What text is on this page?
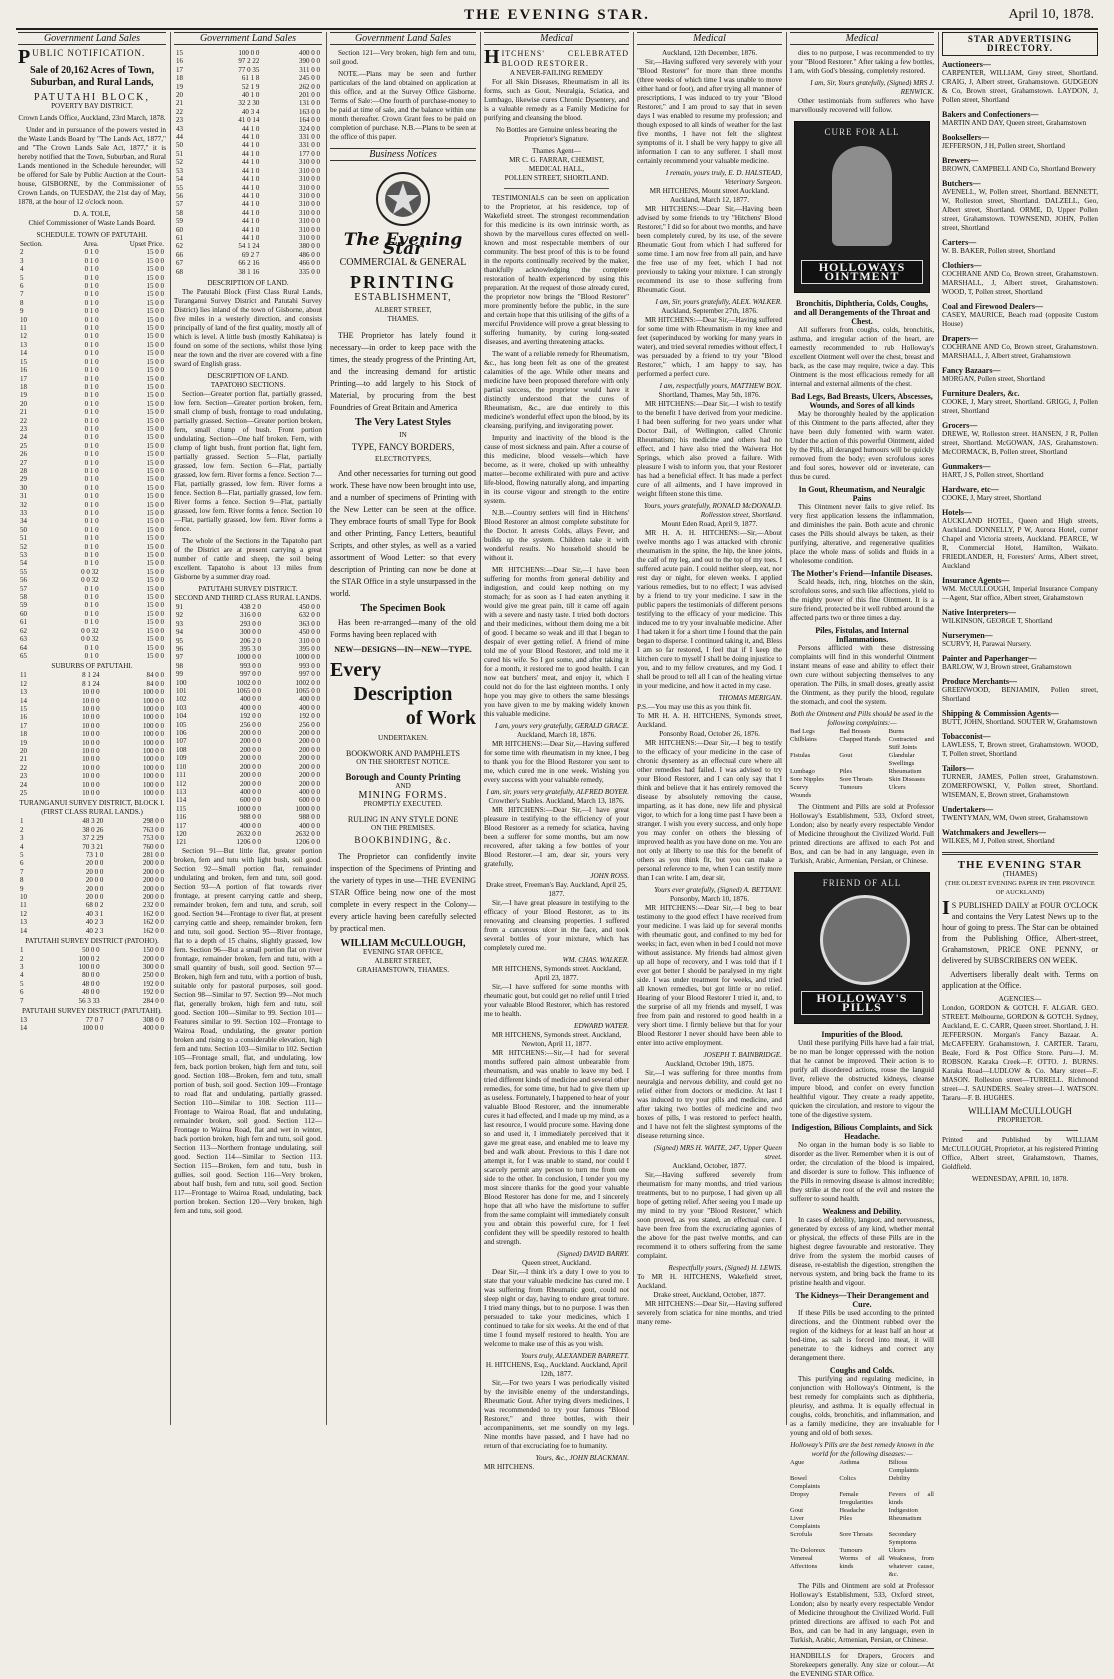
THE EVENING STAR.	April 10, 1878.
Government Land Sales
P UBLIC NOTIFICATION.
Sale of 20,162 Acres of Town, Suburban, and Rural Lands,
PATUTAHI BLOCK,
POVERTY BAY DISTRICT.

Crown Lands Office, Auckland, 23rd March, 1878.

Under and in pursuance of the powers vested in the Waste Lands Board by "The Lands Act, 1877," and "The Crown Lands Sale Act, 1877," it is hereby notified that the Town, Suburban, and Rural Lands mentioned in the Schedule hereunder, will be offered for Sale by Public Auction at the Court-house, GISBORNE, by the Commissioner of Crown Lands, on TUESDAY, the 21st day of May, 1878, at the hour of 12 o'clock noon.

D. A. TOLE,
Chief Commissioner of Waste Lands Board.
SCHEDULE. TOWN OF PATUTAHI.
Section.	Area.	Upset Price.
2	0 1 0	15 0 0
3	0 1 0	15 0 0
4	0 1 0	15 0 0
5	0 1 0	15 0 0
6	0 1 0	15 0 0
7	0 1 0	15 0 0
8	0 1 0	15 0 0
9	0 1 0	15 0 0
10	0 1 0	15 0 0
11	0 1 0	15 0 0
12	0 1 0	15 0 0
13	0 1 0	15 0 0
14	0 1 0	15 0 0
15	0 1 0	15 0 0
16	0 1 0	15 0 0
17	0 1 0	15 0 0
18	0 1 0	15 0 0
19	0 1 0	15 0 0
20	0 1 0	15 0 0
21	0 1 0	15 0 0
22	0 1 0	15 0 0
23	0 1 0	15 0 0
24	0 1 0	15 0 0
25	0 1 0	15 0 0
26	0 1 0	15 0 0
27	0 1 0	15 0 0
28	0 1 0	15 0 0
29	0 1 0	15 0 0
30	0 1 0	15 0 0
31	0 1 0	15 0 0
32	0 1 0	15 0 0
33	0 1 0	15 0 0
34	0 1 0	15 0 0
50	0 1 0	15 0 0
51	0 1 0	15 0 0
52	0 1 0	15 0 0
53	0 1 0	15 0 0
54	0 1 0	15 0 0
55	0 0 32	15 0 0
56	0 0 32	15 0 0
57	0 1 0	15 0 0
58	0 1 0	15 0 0
59	0 1 0	15 0 0
60	0 1 0	15 0 0
61	0 1 0	15 0 0
62	0 0 32	15 0 0
63	0 0 32	15 0 0
64	0 1 0	15 0 0
65	0 1 0	15 0 0
SUBURBS OF PATUTAHI.
11	8 1 24	84 0 0
12	8 1 24	84 0 0
13	10 0 0	100 0 0
14	10 0 0	100 0 0
15	10 0 0	100 0 0
16	10 0 0	100 0 0
17	10 0 0	100 0 0
18	10 0 0	100 0 0
19	10 0 0	100 0 0
20	10 0 0	100 0 0
21	10 0 0	100 0 0
22	10 0 0	100 0 0
23	10 0 0	100 0 0
24	10 0 0	100 0 0
25	10 0 0	100 0 0
TURANGANUI SURVEY DISTRICT, BLOCK I.
(FIRST CLASS RURAL LANDS.)
1	48 3 20	298 0 0
2	38 0 26	763 0 0
3	37 2 29	753 0 0
4	70 3 21	760 0 0
5	73 1 0	281 0 0
6	20 0 0	200 0 0
7	20 0 0	200 0 0
8	20 0 0	200 0 0
9	20 0 0	200 0 0
10	20 0 0	200 0 0
11	68 0 2	232 0 0
12	40 3 1	162 0 0
13	40 2 3	162 0 0
14	40 2 3	162 0 0
PATUTAHI SURVEY DISTRICT (PATOHO).
1	50 0 0	150 0 0
2	100 0 2	200 0 0
3	100 0 0	300 0 0
4	80 0 0	250 0 0
5	48 0 0	192 0 0
6	48 0 0	192 0 0
7	56 3 33	284 0 0
PATUTAHI SURVEY DISTRICT (PATUTAHI).
13	77 0 7	308 0 0
14	100 0 0	400 0 0
Government Land Sales
15	100 0 0	400 0 0
16	97 2 22	390 0 0
17	77 0 35	311 0 0
18	61 1 8	245 0 0
19	52 1 9	262 0 0
20	40 1 0	201 0 0
21	32 2 30	131 0 0
22	40 3 4	163 0 0
23	41 0 14	164 0 0
43	44 1 0	324 0 0
44	44 1 0	331 0 0
50	44 1 0	331 0 0
51	44 1 0	177 0 0
52	44 1 0	310 0 0
53	44 1 0	310 0 0
54	44 1 0	310 0 0
55	44 1 0	310 0 0
56	44 1 0	310 0 0
57	44 1 0	310 0 0
58	44 1 0	310 0 0
59	44 1 0	310 0 0
60	44 1 0	310 0 0
61	44 1 0	310 0 0
62	54 1 24	380 0 0
66	69 2 7	486 0 0
67	66 2 16	466 0 0
68	38 1 16	335 0 0
DESCRIPTION OF LAND.

The Patutahi Block (First Class Rural Lands, Turanganui Survey District and Patutahi Survey District) lies inland of the town of Gisborne, about five miles in a westerly direction, and consists principally of land of the first quality, mostly all of which is level. A little bush (mostly Kahikatea) is found on some of the sections, whilst those lying near the town and the river are covered with a fine sward of English grass.

DESCRIPTION OF LAND.
TAPATOHO SECTIONS.

Section—Greater portion flat, partially grassed, low fern. Section—Greater portion broken, fern, small clump of bush, frontage to road undulating, partially grassed. Section—Greater portion broken, fern, small clump of bush. Front portion undulating. Section—One half broken. Fern, with clump of light bush, front portion flat, light fern, partially grassed. Section 5—Flat, partially grassed, low fern. Section 6—Flat, partially grassed, low fern. River forms a fence. Section 7—Flat, partially grassed, low fern. River forms a fence. Section 8—Flat, partially grassed, low fern. River forms a fence. Section 9—Flat, partially grassed, low fern. River forms a fence. Section 10—Flat, partially grassed, low fern. River forms a fence.

The whole of the Sections in the Tapatoho part of the District are at present carrying a great number of cattle and sheep, the soil being excellent. Tapatoho is about 13 miles from Gisborne by a summer dray road.

PATUTAHI SURVEY DISTRICT.
SECOND AND THIRD CLASS RURAL LANDS.
91	438 2 0	450 0 0
92	316 0 0	632 0 0
93	293 0 0	363 0 0
94	300 0 0	450 0 0
95	206 2 0	310 0 0
96	395 3 0	395 0 0
97	1000 0 0	1000 0 0
98	993 0 0	993 0 0
99	997 0 0	997 0 0
100	1002 0 0	1002 0 0
101	1065 0 0	1065 0 0
102	400 0 0	400 0 0
103	400 0 0	400 0 0
104	192 0 0	192 0 0
105	256 0 0	256 0 0
106	200 0 0	200 0 0
107	200 0 0	200 0 0
108	200 0 0	200 0 0
109	200 0 0	200 0 0
110	200 0 0	200 0 0
111	200 0 0	200 0 0
112	200 0 0	200 0 0
113	400 0 0	400 0 0
114	600 0 0	600 0 0
115	1000 0 0	1000 0 0
116	988 0 0	988 0 0
117	400 0 0	400 0 0
120	2632 0 0	2632 0 0
121	1206 0 0	1206 0 0

Section 91—But little flat, greater portion broken, fern and tutu with light bush, soil good. Section 92—Small portion flat, remainder undulating and broken, fern and tutu, soil good. Section 93—A portion of flat towards river frontage, at present carrying cattle and sheep, remainder broken, fern and tutu, and scrub, soil good. Section 94—Frontage to river flat, at present carrying cattle and sheep, remainder broken, fern and tutu, soil good. Section 95—River frontage, flat to a depth of 15 chains, slightly grassed, low fern. Section 96—But a small portion flat on river frontage, remainder broken, fern and tutu, with a small quantity of bush, soil good. Section 97—Broken, high fern and tutu, with a portion of bush, suitable only for pastoral purposes, soil good. Section 98—Similar to 97. Section 99—Not much flat, generally broken, high fern and tutu, soil good. Section 100—Similar to 99. Section 101—Features similar to 99. Section 102—Frontage to Wairoa Road, undulating, the greater portion broken and rising to a considerable elevation, high fern and tutu. Section 103—Similar to 102. Section 105—Frontage small, flat, and undulating, low fern, back portion broken, high fern and tutu, soil good. Section 108—Broken, fern and tutu, small portion of bush, soil good. Section 109—Frontage to road flat and undulating, partially grassed. Section 110—Similar to 108. Section 111—Frontage to Wairoa Road, flat and undulating, remainder broken, soil good. Section 112—Frontage to Wairoa Road, flat and wet in winter, back portion broken, high fern and tutu, soil good. Section 113—Northern frontage undulating, soil good. Section 114—Similar to Section 113. Section 115—Broken, fern and tutu, bush in gullies, soil good. Section 116—Very broken, about half bush, fern and tutu, soil good. Section 117—Frontage to Wairoa Road, undulating, back portion broken. Section 120—Very broken, high fern and tutu, soil good.

Government Land Sales

Section 121—Very broken, high fern and tutu, soil good.

NOTE.—Plans may be seen and further particulars of the land obtained on application at this office, and at the Survey Office Gisborne. Terms of Sale:—One fourth of purchase-money to be paid at time of sale, and the balance within one month thereafter. Crown Grant fees to be paid on completion of purchase. N.B.—Plans to be seen at the office of this paper.

Business Notices
The Evening Star
COMMERCIAL & GENERAL
PRINTING
ESTABLISHMENT,
ALBERT STREET,
THAMES.

THE Proprietor has lately found it necessary—in order to keep pace with the times, the steady progress of the Printing Art, and the increasing demand for artistic Printing—to add largely to his Stock of Material, by procuring from the best Foundries of Great Britain and America

The Very Latest Styles
IN
TYPE, FANCY BORDERS,
ELECTROTYPES,

And other necessaries for turning out good work. These have now been brought into use, and a number of specimens of Printing with the New Letter can be seen at the office. They embrace fourts of small Type for Book and other Printing, Fancy Letters, beautiful Scripts, and other styles, as well as a varied assortment of Wood Letter: so that every description of Printing can now be done at the STAR Office in a style unsurpassed in the world.

The Specimen Book

Has been re-arranged—many of the old Forms having been replaced with

NEW—DESIGNS—IN—NEW—TYPE.
Every
Description
of Work
UNDERTAKEN.
BOOKWORK AND PAMPHLETS
ON THE SHORTEST NOTICE.
Borough and County Printing
AND
MINING FORMS.
PROMPTLY EXECUTED.
RULING IN ANY STYLE DONE
ON THE PREMISES.
BOOKBINDING, &c.

The Proprietor can confidently invite inspection of the Specimens of Printing and the variety of types in use—THE EVENING STAR Office being now one of the most complete in every respect in the Colony—every article having been carefully selected by practical men.

WILLIAM McCULLOUGH,
EVENING STAR OFFICE,
ALBERT STREET,
GRAHAMSTOWN, THAMES.
Medical
H ITCHENS' CELEBRATED BLOOD RESTORER.
A NEVER-FAILING REMEDY

For all Skin Diseases, Rheumatism in all its forms, such as Gout, Neuralgia, Sciatica, and Lumbago, likewise cures Chronic Dysentery, and is a valuable remedy as a Family Medicine for purifying and cleansing the blood.

No Bottles are Genuine unless bearing the Proprietor's Signature.

Thames Agent—
MR C. G. FARRAR, CHEMIST,
MEDICAL HALL,
POLLEN STREET, SHORTLAND.

TESTIMONIALS can be seen on application to the Proprietor, at his residence, top of Wakefield street. The strongest recommendation for this medicine is its own intrinsic worth, as shown by the marvellous cures effected on well-known and most respectable members of our community. The best proof of this is to be found in the reports continually received by the maker, thankfully acknowledging the complete restoration of health experienced by using this preparation. At the request of those already cured, the proprietor now brings the "Blood Restorer" more prominently before the public, in the sure and certain hope that this utilising of the gifts of a merciful Providence will prove a great blessing to suffering humanity, by curing long-seated diseases, and averting threatening attacks.

The want of a reliable remedy for Rheumatism, &c., has long been felt as one of the greatest calamities of the age. While other means and medicine have been proposed therefore with only partial success, the proprietor would have it distinctly understood that the cures of Rheumatism, &c., are due entirely to this medicine's wonderful effect upon the blood, by its cleansing, purifying, and invigorating power.

Impurity and inactivity of the blood is the cause of most sickness and pain. After a course of this medicine, blood vessels—which have become, as it were, choked up with unhealthy matter—become exhilirated with pure and active life-blood, flowing naturally along, and imparting in its course vigour and strength to the entire system.

N.B.—Country settlers will find in Hitchens' Blood Restorer an almost complete substitute for the Doctor. It arrests Colds, allays Fever, and builds up the system. Children take it with wonderful results. No household should be without it.

MR HITCHENS:—Dear Sir,—I have been suffering for months from general debility and indigestion, and could keep nothing on my stomach; for as soon as I had eaten anything it would give me great pain, till it came off again with a severe and nasty taste. I tried both doctors and their medicines, without them doing me a bit of good. I became so weak and ill that I began to despair of ever getting relief. A friend of mine told me of your Blood Restorer, and told me it cured his wife. So I got some, and after taking it for a month, it restored me to good health. I can now eat butchers' meat, and enjoy it, which I could not do for the last eighteen months. I only hope you may give to others the same blessings you have given to me by making widely known this valuable medicine.

I am, yours very gratefully, GERALD GRACE.
Auckland, March 18, 1876.

MR HITCHENS:—Dear Sir,—Having suffered for some time with rheumatism in my knee, I beg to thank you for the Blood Restorer you sent to me, which cured me in one week. Wishing you every success with your valuable remedy,

I am, sir, yours very gratefully, ALFRED BOYER.
Crowther's Stables. Auckland, March 13, 1876.

MR HITCHENS:—Dear Sir,—I have great pleasure in testifying to the efficiency of your Blood Restorer as a remedy for sciatica, having been a sufferer for some months, but am now recovered, after taking a few bottles of your Blood Restorer.—I am, dear sir, yours very gratefully,

JOHN ROSS.
Drake street, Freeman's Bay. Auckland, April 25, 1877.

Sir,—I have great pleasure in testifying to the efficacy of your Blood Restorer, as to its renovating and cleansing properties. I suffered from a cancerous ulcer in the face, and took several bottles of your mixture, which has completely cured me.

WM. CHAS. WALKER.
MR HITCHENS, Symonds street. Auckland, April 23, 1877.

Sir,—I have suffered for some months with rheumatic gout, but could get no relief until I tried your valuable Blood Restorer, which has restored me to health.

EDWARD WATER.
MR HITCHENS, Symonds street. Auckland, Newton, April 11, 1877.

MR HITCHENS:—Sir,—I had for several months suffered pain almost unbearable from rheumatism, and was unable to leave my bed. I tried different kinds of medicine and several other remedies, for some time, but had to give them up as useless. Fortunately, I happened to hear of your valuable Blood Restorer, and the innumerable cures it had effected, and I made up my mind, as a last resource, I would procure some. Having done so and used it, I immediately perceived that it gave me great ease, and enabled me to leave my bed and walk about. Previous to this I dare not attempt it, for I was unable to stand, nor could I scarcely permit any person to turn me from one side to the other. In conclusion, I tender you my most sincere thanks for the good your valuable Blood Restorer has done for me, and I sincerely hope that all who have the misfortune to suffer from the same complaint will immediately consult you and obtain this powerful cure, for I feel confident they will be speedily restored to health and strength.

(Signed) DAVID BARRY.
Queen street, Auckland.

Dear Sir,—I think it's a duty I owe to you to state that your valuable medicine has cured me. I was suffering from Rheumatic gout, could not sleep night or day, having to endure great torture. I tried many things, but to no purpose. I was then persuaded to take your medicines, which I continued to take for six weeks. At the end of that time I found myself restored to health. You are welcome to make use of this as you wish.

Yours truly, ALEXANDER BARRETT.
H. HITCHENS, Esq., Auckland. Auckland, April 12th, 1877.

Sir,—For two years I was periodically visited by the invisible enemy of the understandings, Rheumatic Gout. After trying divers medicines, I was recommended to try your famous "Blood Restorer," and three bottles, with their accompaniments, set me soundly on my legs. Nine months have passed, and I have had no return of that excruciating foe to humanity.

Yours, &c., JOHN BLACKMAN.
MR HITCHENS.
Medical
Auckland, 12th December, 1876.

Sir,—Having suffered very severely with your "Blood Restorer" for more than three months (three weeks of which time I was unable to move either hand or foot), and after trying all manner of prescriptions, I was induced to try your "Blood Restorer," and I am proud to say that in seven days I was enabled to resume my profession; and though exposed to all kinds of weather for the last five months, I have not felt the slightest symptoms of it. I shall be very happy to give all information I can to any sufferer. I shall most certainly recommend your valuable medicine.

I remain, yours truly, E. D. HALSTEAD, Veterinary Surgeon.
MR HITCHENS, Mount street Auckland. Auckland, March 12, 1877.

MR HITCHENS:—Dear Sir,—Having been advised by some friends to try "Hitchens' Blood Restorer," I did so for about two months, and have been completely cured, by its use, of the severe Rheumatic Gout from which I had suffered for some time. I am now free from all pain, and have the free use of my feet, which I had not previously to taking your mixture. I can strongly recommend its use to those suffering from Rheumatic Gout.

I am, Sir, yours gratefully, ALEX. WALKER.
Auckland, September 27th, 1876.

MR HITCHENS:—Dear Sir,—Having suffered for some time with Rheumatism in my knee and feet (superinduced by working for many years in water), and tried several remedies without effect, I was persuaded by a friend to try your "Blood Restorer," which, I am happy to say, has performed a perfect cure.

I am, respectfully yours, MATTHEW BOX.
Shortland, Thames, May 5th, 1876.

MR HITCHENS:—Dear Sir,—I wish to testify to the benefit I have derived from your medicine. I had been suffering for two years under what Doctor Dail, of Wellington, called Chronic Rheumatism; his medicine and others had no effect, and I have also tried the Waiwera Hot Springs, which also proved a failure. With pleasure I wish to inform you, that your Restorer has had a beneficial effect. It has made a perfect cure of all ailments, and I have improved in weight fifteen stone this time.

Yours, yours gratefully, RONALD McDONALD. Rollesston street, Shortland.
Mount Eden Road, April 9, 1877.

MR H. A. H. HITCHENS:—Sir,—About twelve months ago I was attacked with chronic rheumatism in the spine, the hip, the knee joints, the calf of my leg, and out to the top of my toes. I suffered acute pain. I could neither sleep, eat, nor rest day or night, for eleven weeks. I applied various remedies, but to no effect; I was advised by a friend to try your medicine. I saw in the public papers the testimonials of different persons testifying to the efficacy of your medicine. This induced me to try your invaluable medicine. After I had taken it for a short time I found that the pain began to disperse. I continued taking it, and, Bless I am so far restored, I feel that if I keep the kitchen cure to myself I shall be doing injustice to you, and to my fellow creatures, and my God. I shall be proud to tell all I can of the healing virtue in your medicine, and how it acted in my case.

THOMAS MERIGAN.
P.S.—You may use this as you think fit.
To MR H. A. H. HITCHENS, Symonds street, Auckland.
Ponsonby Road, October 26, 1876.

MR HITCHENS:—Dear Sir,—I beg to testify to the efficacy of your medicine in the case of chronic dysentery as an effectual cure where all other remedies had failed. I was advised to try your Blood Restorer, and I can only say that I think and believe that it has entirely removed the disease by absolutely removing the cause, imparting, as it has done, new life and physical vigor, to which for a long time past I have been a stranger. I wish you every success, and only hope you may confer on others the blessing of improved health as you have done on me. You are not only at liberty to use this for the benefit of others as you think fit, but you can make a personal reference to me, when I can testify more than I can write. I am, dear sir,

Yours ever gratefully, (Signed) A. BETTANY.
Ponsonby, March 10, 1876.

MR HITCHENS:—Dear Sir,—I beg to bear testimony to the good effect I have received from your medicine. I was laid up for several months with rheumatic gout, and confined to my bed for weeks; in fact, even when in bed I could not move without assistance. My friends had almost given up all hope of recovery, and I was told that if I ever got better I should be paralysed in my right side. I was under treatment for weeks, and tried all known remedies, but got little or no relief. Hearing of your Blood Restorer I tried it, and, to the surprise of all my friends and myself, I was free from pain and restored to good health in a very short time. I firmly believe but that for your Blood Restorer I never should have been able to enter into active employment.

JOSEPH T. BAINBRIDGE.
Auckland, October 19th, 1875.

Sir,—I was suffering for three months from neuralgia and nervous debility, and could get no relief either from doctors or medicine. At last I was induced to try your pills and medicine, and after taking two bottles of medicine and two boxes of pills, I was restored to perfect health, and I have not felt the slightest symptoms of the disease returning since.

(Signed) MRS H. WAITE, 247, Upper Queen street.
Auckland, October, 1877.

Sir,—Having suffered severely from rheumatism for many months, and tried various treatments, but to no purpose, I had given up all hope of getting relief. After seeing you I made up my mind to try your "Blood Restorer," which soon proved, as you stated, an effectual cure. I have been free from the excruciating agonies of the above for the past twelve months, and can recommend it to others suffering from the same complaint.

Respectfully yours, (Signed) H. LEWIS.
To MR H. HITCHENS, Wakefield street, Auckland.
Drake street, Auckland, October, 1877.

MR HITCHENS:—Dear Sir,—Having suffered severely from sciatica for nine months, and tried many reme-

Medical

dies to no purpose, I was recommended to try your "Blood Restorer." After taking a few bottles, I am, with God's blessing, completely restored.

I am, Sir, Yours gratefully, (Signed) MRS J. RENWICK.

Other testimonials from sufferers who have marvellously recovered will follow.

CURE FOR ALL
HOLLOWAYS OINTMENT
Bronchitis, Diphtheria, Colds, Coughs, and all Derangements of the Throat and Chest.

All sufferers from coughs, colds, bronchitis, asthma, and irregular action of the heart, are earnestly recommended to rub Holloway's excellent Ointment well over the chest, breast and back, as the case may require, twice a day. This Ointment is the most efficacious remedy for all internal and external ailments of the chest.

Bad Legs, Bad Breasts, Ulcers, Abscesses, Wounds, and Sores of all kinds

May be thoroughly healed by the application of this Ointment to the parts affected, after they have been duly fomented with warm water. Under the action of this powerful Ointment, aided by the Pills, all deranged humours will be quickly removed from the body; even scrofulous sores and foul sores, however old or inveterate, can thus be cured.

In Gout, Rheumatism, and Neuralgic Pains

This Ointment never fails to give relief. Its very first application lessens the inflammation, and diminishes the pain. Both acute and chronic cases the Pills should always be taken, as their purifying, alterative, and regenerative qualities place the whole mass of solids and fluids in a wholesome condition.

The Mother's Friend—Infantile Diseases.

Scald heads, itch, ring, blotches on the skin, scrofulous sores, and such like affections, yield to the mighty power of this fine Ointment. It is a sure friend, protected be it well rubbed around the affected parts two or three times a day.

Piles, Fistulas, and Internal Inflammations.

Persons afflicted with these distressing complaints will find in this wonderful Ointment instant means of ease and ability to effect their own cure without subjecting themselves to any operation. The Pills, in small doses, greatly assist the Ointment, as they purify the blood, regulate the stomach, and cool the system.

Both the Ointment and Pills should be used in the following complaints:—
Bad Legs	Bad Breasts	Burns
Chilblains	Chapped Hands	Contracted and Stiff Joints
Fistulas	Gout	Glandular Swellings
Lumbago	Piles	Rheumatism
Sore Nipples	Sore Throats	Skin Diseases
Scurvy	Tumours	Ulcers
Wounds

The Ointment and Pills are sold at Professor Holloway's Establishment, 533, Oxford street, London; also by nearly every respectable Vendor of Medicine throughout the Civilized World. Full printed directions are affixed to each Pot and Box, and can be had in any language, even in Turkish, Arabic, Armenian, Persian, or Chinese.

FRIEND OF ALL
HOLLOWAY'S PILLS
Impurities of the Blood.

Until these purifying Pills have had a fair trial, be no man be longer oppressed with the notion that he cannot be improved. Their action is to purify all disordered actions, rouse the languid liver, relieve the obstructed kidneys, cleanse impure blood, and confer on every function healthful vigour. They create a ready appetite, quicken the circulation, and restore to vigour the tone of the digestive system.

Indigestion, Bilious Complaints, and Sick Headache.

No organ in the human body is so liable to disorder as the liver. Remember when it is out of order, the circulation of the blood is impaired, and disorder is sure to follow. This influence of the Pills in removing disease is almost incredible; they strike at the root of the evil and restore the sufferer to sound health.

Weakness and Debility.

In cases of debility, languor, and nervousness, generated by excess of any kind, whether mental or physical, the effects of these Pills are in the highest degree favourable and restorative. They drive from the system the morbid causes of disease, re-establish the digestion, strengthen the nervous system, and bring back the frame to its pristine health and vigour.

The Kidneys—Their Derangement and Cure.

If these Pills be used according to the printed directions, and the Ointment rubbed over the region of the kidneys for at least half an hour at bed-time, as salt is forced into meat, it will penetrate to the kidneys and correct any derangement there.

Coughs and Colds.

This purifying and regulating medicine, in conjunction with Holloway's Ointment, is the best remedy for complaints such as diphtheria, pleurisy, and asthma. It is equally effectual in coughs, colds, bronchitis, and inflammation, and as a family medicine, they are invaluable for young and old of both sexes.

Holloway's Pills are the best remedy known in the world for the following diseases:—
Ague	Asthma	Bilious Complaints
Bowel Complaints
Colics	Debility
Dropsy	Female Irregularities
Fevers of all kinds
Gout	Headache	Indigestion
Liver Complaints
Piles	Rheumatism
Scrofula	Sore Throats	Secondary Symptoms
Tic-Doloreux	Tumours	Ulcers
Venereal Affections
Worms of all kinds
Weakness, from whatever cause, &c.

The Pills and Ointment are sold at Professor Holloway's Establishment, 533, Oxford street, London; also by nearly every respectable Vendor of Medicine throughout the Civilized World. Full printed directions are affixed to each Pot and Box, and can be had in any language, even in Turkish, Arabic, Armenian, Persian, or Chinese.

HANDBILLS for Drapers, Grocers and Storekeepers generally. Any size or colour.—At the EVENING STAR Office.

STAR ADVERTISING DIRECTORY.
Auctioneers—
CARPENTER, WILLIAM, Grey street, Shortland. CRAIG, J, Albert street, Grahamstown. GUDGEON & Co, Brown street, Grahamstown. LAYDON, J, Pollen street, Shortland
Bakers and Confectioners—
MARTIN AND DAY, Queen street, Grahamstown
Booksellers—
JEFFERSON, J H, Pollen street, Shortland
Brewers—
BROWN, CAMPBELL AND Co, Shortland Brewery
Butchers—
AVENELL, W, Pollen street, Shortland. BENNETT, W, Rolleston street, Shortland. DALZELL, Geo, Albert street, Shortland. ORME, D, Upper Pollen street, Grahamstown. TOWNSEND, JOHN, Pollen street, Shortland
Carters—
W. B. BAKER, Pollen street, Shortland
Clothiers—
COCHRANE AND Co, Brown street, Grahamstown. MARSHALL, J, Albert street, Grahamstown. WOOD, T, Pollen street, Shortland
Coal and Firewood Dealers—
CASEY, MAURICE, Beach road (opposite Custom House)
Drapers—
COCHRANE AND Co, Brown street, Grahamstown. MARSHALL, J, Albert street, Grahamstown
Fancy Bazaars—
MORGAN, Pollen street, Shortland
Furniture Dealers, &c.
COOKE, J, Mary street, Shortland. GRIGG, J, Pollen street, Shortland
Grocers—
DREWE, W, Rolleston street. HANSEN, J R, Pollen street, Shortland. McGOWAN, JAS, Grahamstown. McCORMACK, B, Pollen street, Shortland
Gunmakers—
HART, J S, Pollen street, Shortland
Hardware, etc—
COOKE, J, Mary street, Shortland
Hotels—
AUCKLAND HOTEL, Queen and High streets, Auckland. DONNELLY, P W, Aurora Hotel, corner Chapel and Victoria streets, Auckland. PEARCE, W R, Commercial Hotel, Hamilton, Waikato. FRIEDLANDER, H, Foresters' Arms, Albert street, Auckland
Insurance Agents—
WM. McCULLOUGH, Imperial Insurance Company—Agent, Star office, Albert street, Grahamstown
Native Interpreters—
WILKINSON, GEORGE T, Shortland
Nurserymen—
SCURVY, H, Parawai Nursery.
Painter and Paperhanger—
BARLOW, W J, Brown street, Grahamstown
Produce Merchants—
GREENWOOD, BENJAMIN, Pollen street, Shortland
Shipping & Commission Agents—
BUTT, JOHN, Shortland. SOUTER W, Grahamstown
Tobacconist—
LAWLESS, T, Brown street, Grahamstown. WOOD, T, Pollen street, Shortland
Tailors—
TURNER, JAMES, Pollen street, Grahamstown. ZOMERFOWSKI, V, Pollen street, Shortland. WISEMAN, E, Brown street, Grahamstown
Undertakers—
TWENTYMAN, WM, Owen street, Grahamstown
Watchmakers and Jewellers—
WILKES, M J, Pollen street, Shortland
THE EVENING STAR
(THAMES)
(THE OLDEST EVENING PAPER IN THE PROVINCE OF AUCKLAND)
I S PUBLISHED DAILY at FOUR O'CLOCK and contains the Very Latest News up to the hour of going to press. The Star can be obtained from the Publishing Office, Albert-street, Grahamstown, PRICE ONE PENNY, or delivered by SUBSCRIBERS ON WEEK.

Advertisers liberally dealt with. Terms on application at the Office.

AGENCIES—

London, GORDON & GOTCH. F. ALGAR. GEO. STREET. Melbourne, GORDON & GOTCH. Sydney, Auckland, E. C. CARR, Queen street. Shortland, J. H. JEFFERSON. Morgan's Fancy Bazaar. A. McCAFFERY. Grahamstown, J. CARTER. Tararu, Beale, Ford & Post Office Store. Puru—J. M. ROBSON. Karaka Creek—F. OTTO. J. BURNS. Karaka Road—LUDLOW & Co. Mary street—F. MASON. Rolleston street—TURRELL. Richmond street—J. SAUNDERS. Sealey street—J. WATSON. Tararu—F. B. HUGHES.

WILLIAM McCULLOUGH
PROPRIETOR.

Printed and Published by WILLIAM McCULLOUGH, Proprietor, at his registered Printing Office, Albert street, Grahamstown, Thames, Goldfield.

WEDNESDAY, APRIL 10, 1878.
